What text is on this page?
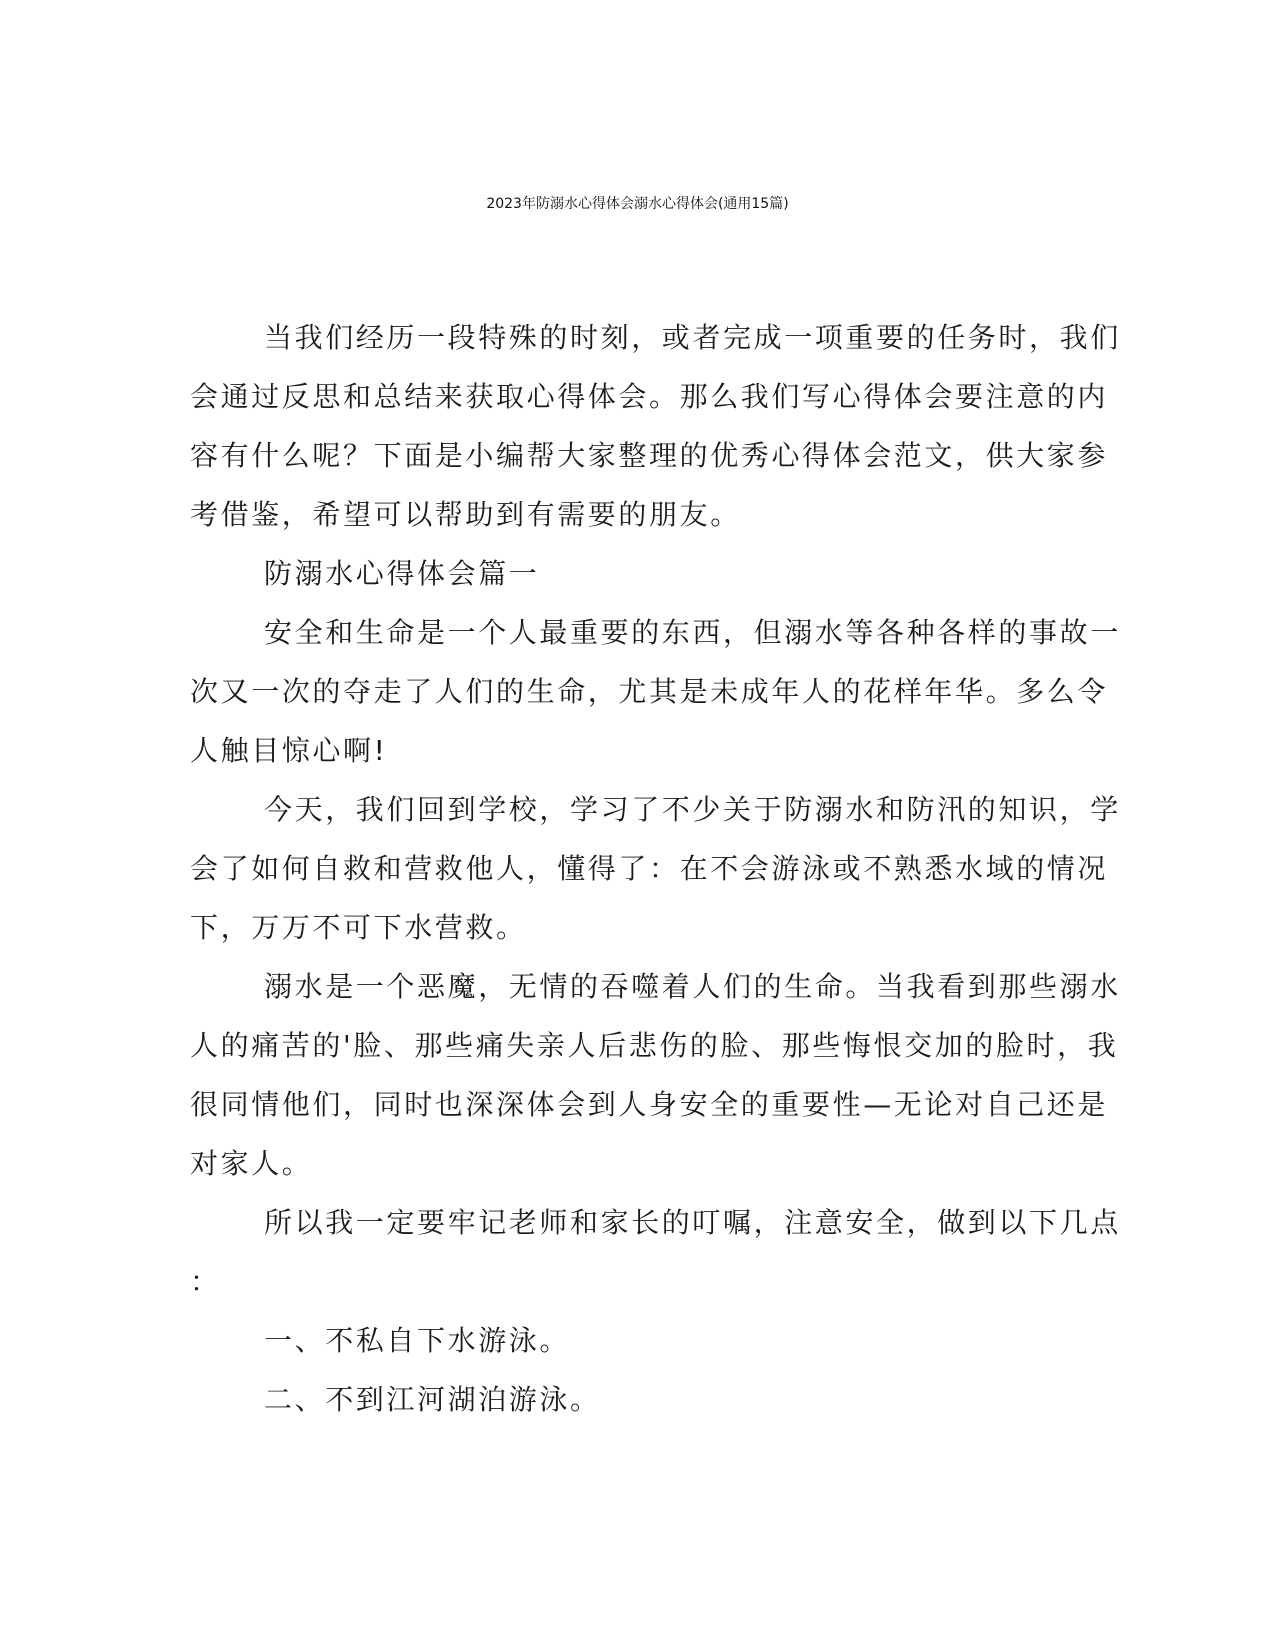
2023年防溺水心得体会溺水心得体会(通用15篇)
当我们经历一段特殊的时刻，或者完成一项重要的任务时，我们
会通过反思和总结来获取心得体会。那么我们写心得体会要注意的内
容有什么呢？下面是小编帮大家整理的优秀心得体会范文，供大家参
考借鉴，希望可以帮助到有需要的朋友。
防溺水心得体会篇一
安全和生命是一个人最重要的东西，但溺水等各种各样的事故一
次又一次的夺走了人们的生命，尤其是未成年人的花样年华。多么令
人触目惊心啊!
今天，我们回到学校，学习了不少关于防溺水和防汛的知识，学
会了如何自救和营救他人，懂得了：在不会游泳或不熟悉水域的情况
下，万万不可下水营救。
溺水是一个恶魔，无情的吞噬着人们的生命。当我看到那些溺水
人的痛苦的'脸、那些痛失亲人后悲伤的脸、那些悔恨交加的脸时，我
很同情他们，同时也深深体会到人身安全的重要性—无论对自己还是
对家人。
所以我一定要牢记老师和家长的叮嘱，注意安全，做到以下几点
：
一、不私自下水游泳。
二、不到江河湖泊游泳。
